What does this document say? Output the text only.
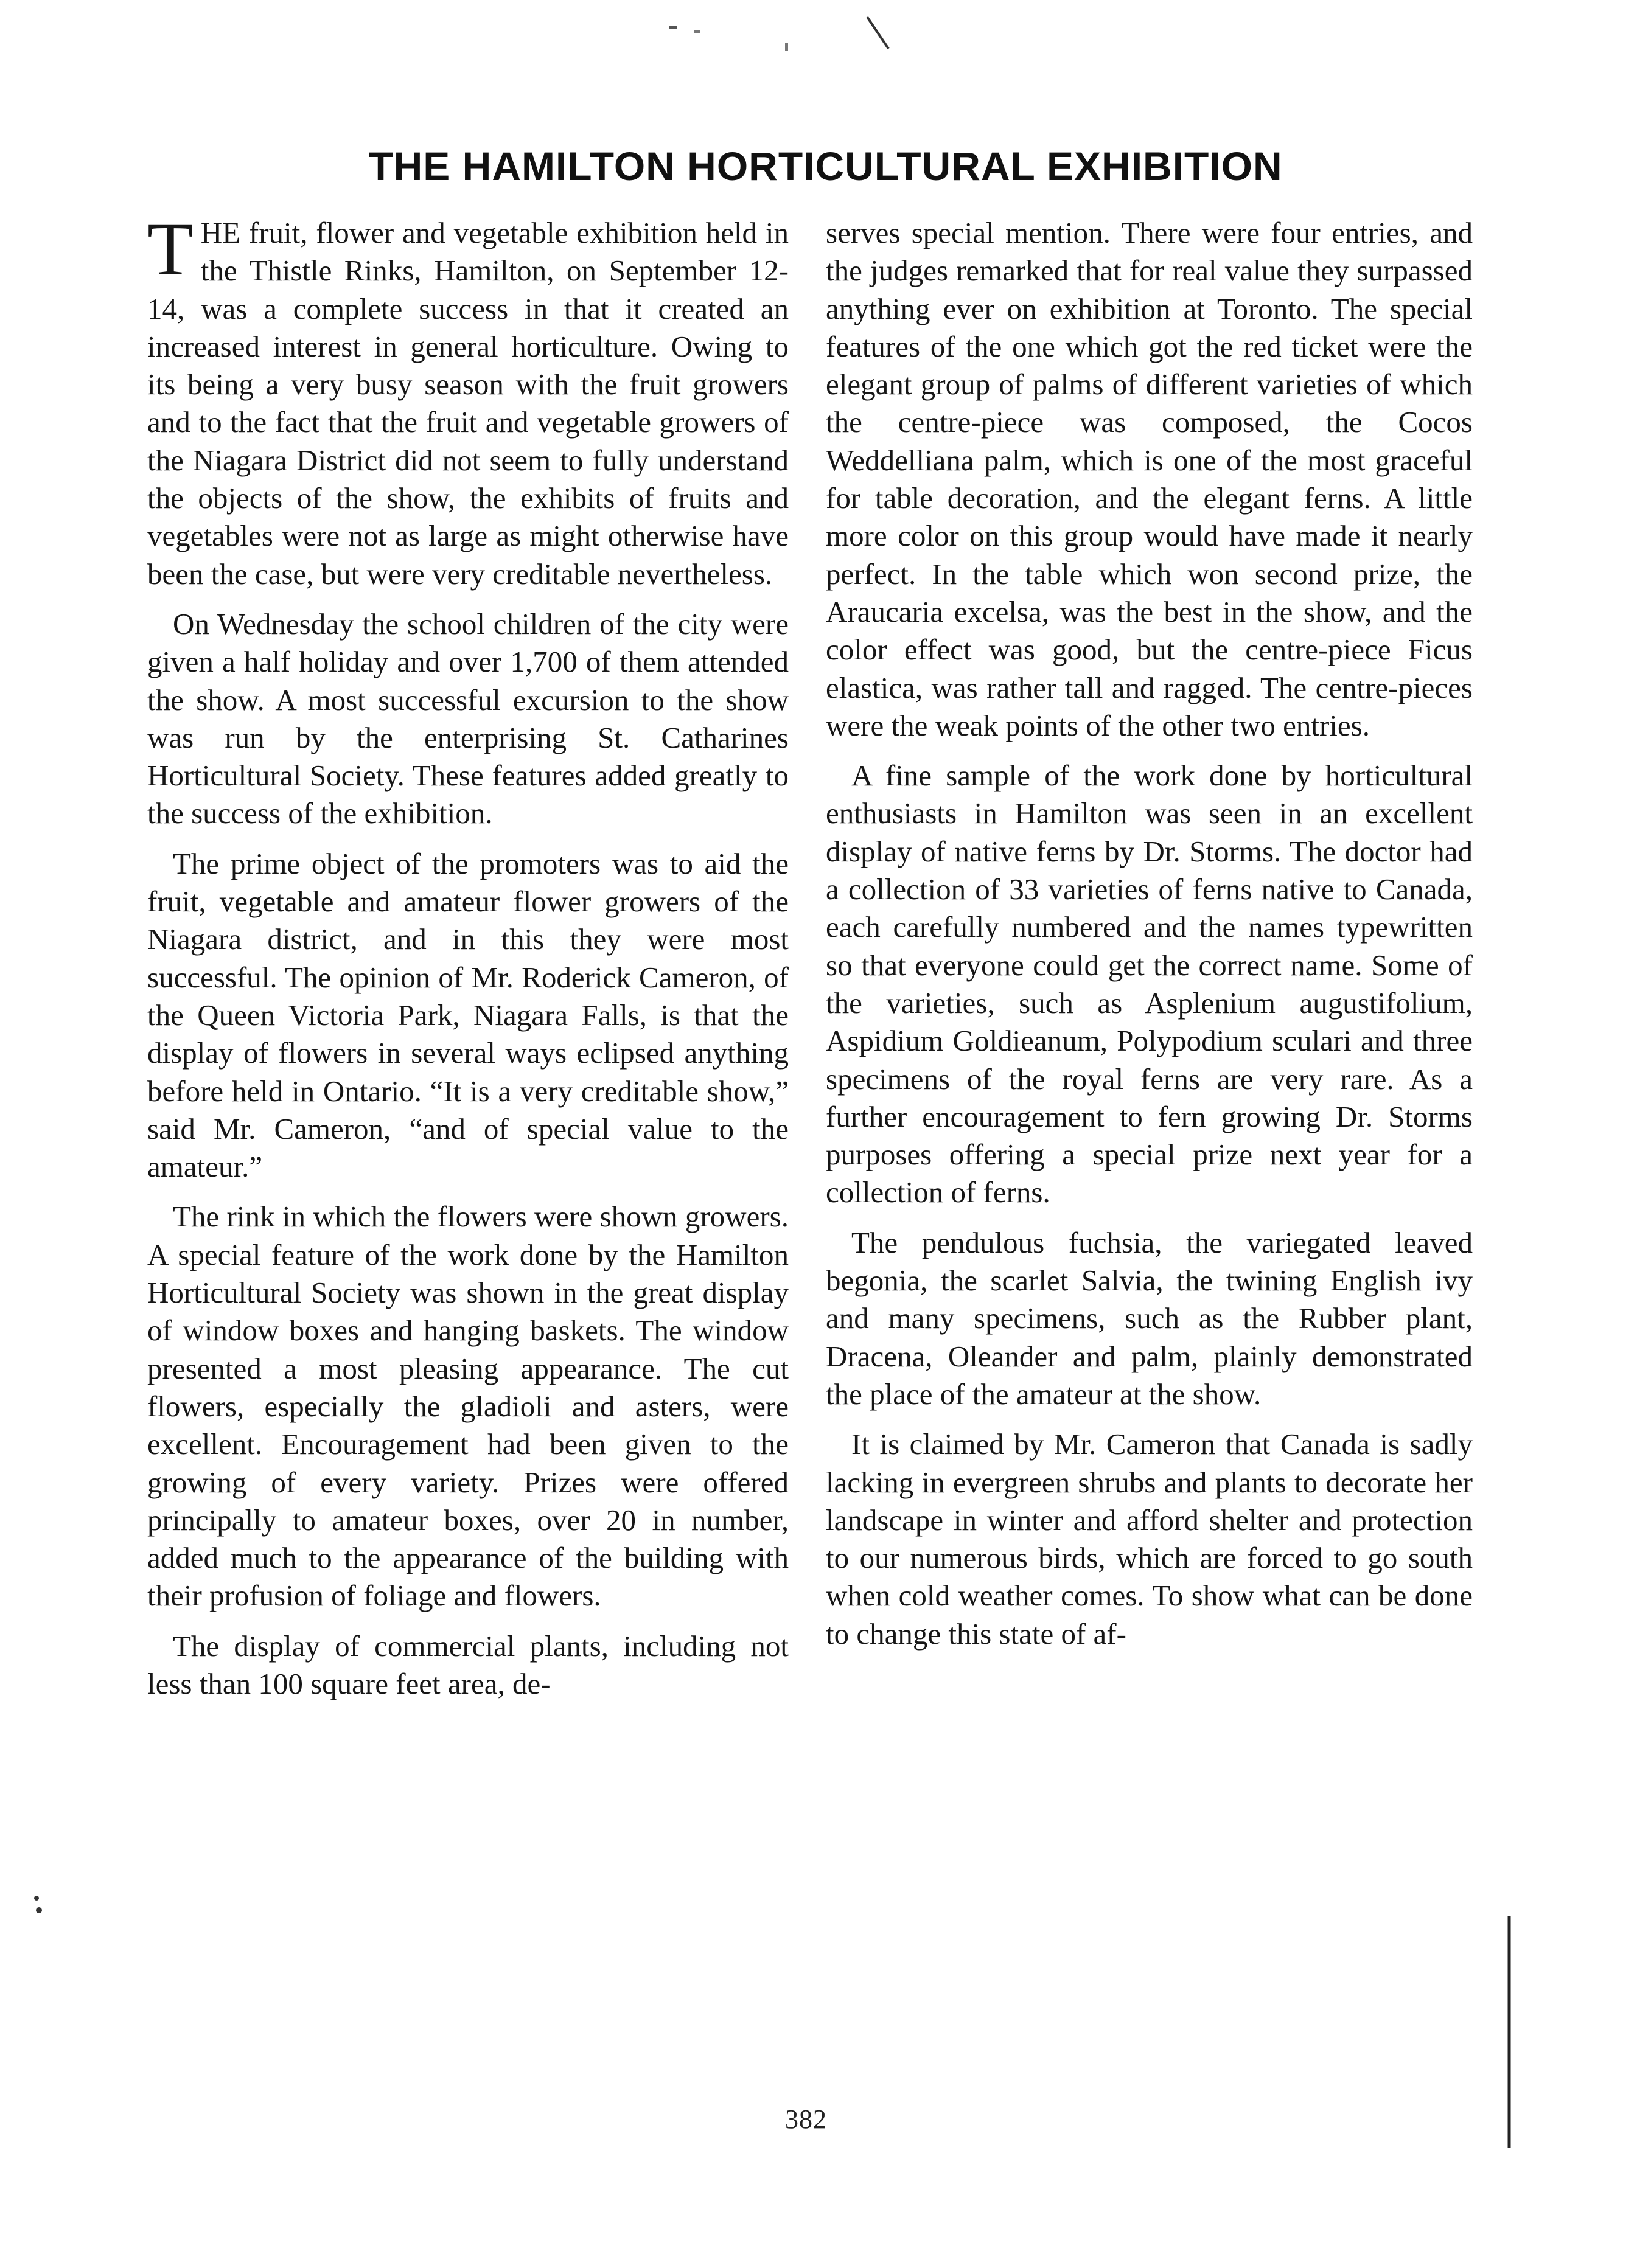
THE HAMILTON HORTICULTURAL EXHIBITION

THE fruit, flower and vegetable exhibition held in the Thistle Rinks, Hamilton, on September 12-14, was a complete success in that it created an increased interest in general horticulture. Owing to its being a very busy season with the fruit growers and to the fact that the fruit and vegetable growers of the Niagara District did not seem to fully understand the objects of the show, the exhibits of fruits and vegetables were not as large as might otherwise have been the case, but were very creditable nevertheless.

On Wednesday the school children of the city were given a half holiday and over 1,700 of them attended the show. A most successful excursion to the show was run by the enterprising St. Catharines Horticultural Society. These features added greatly to the success of the exhibition.

The prime object of the promoters was to aid the fruit, vegetable and amateur flower growers of the Niagara district, and in this they were most successful. The opinion of Mr. Roderick Cameron, of the Queen Victoria Park, Niagara Falls, is that the display of flowers in several ways eclipsed anything before held in Ontario. “It is a very creditable show,” said Mr. Cameron, “and of special value to the amateur.”

The rink in which the flowers were shown growers. A special feature of the work done by the Hamilton Horticultural Society was shown in the great display of window boxes and hanging baskets. The window presented a most pleasing appearance. The cut flowers, especially the gladioli and asters, were excellent. Encouragement had been given to the growing of every variety. Prizes were offered principally to amateur boxes, over 20 in number, added much to the appearance of the building with their profusion of foliage and flowers.

The display of commercial plants, including not less than 100 square feet area, de-

serves special mention. There were four entries, and the judges remarked that for real value they surpassed anything ever on exhibition at Toronto. The special features of the one which got the red ticket were the elegant group of palms of different varieties of which the centre-piece was composed, the Cocos Weddelliana palm, which is one of the most graceful for table decoration, and the elegant ferns. A little more color on this group would have made it nearly perfect. In the table which won second prize, the Araucaria excelsa, was the best in the show, and the color effect was good, but the centre-piece Ficus elastica, was rather tall and ragged. The centre-pieces were the weak points of the other two entries.

A fine sample of the work done by horticultural enthusiasts in Hamilton was seen in an excellent display of native ferns by Dr. Storms. The doctor had a collection of 33 varieties of ferns native to Canada, each carefully numbered and the names typewritten so that everyone could get the correct name. Some of the varieties, such as Asplenium augustifolium, Aspidium Goldieanum, Polypodium sculari and three specimens of the royal ferns are very rare. As a further encouragement to fern growing Dr. Storms purposes offering a special prize next year for a collection of ferns.

The pendulous fuchsia, the variegated leaved begonia, the scarlet Salvia, the twining English ivy and many specimens, such as the Rubber plant, Dracena, Oleander and palm, plainly demonstrated the place of the amateur at the show.

It is claimed by Mr. Cameron that Canada is sadly lacking in evergreen shrubs and plants to decorate her landscape in winter and afford shelter and protection to our numerous birds, which are forced to go south when cold weather comes. To show what can be done to change this state of af-

382
